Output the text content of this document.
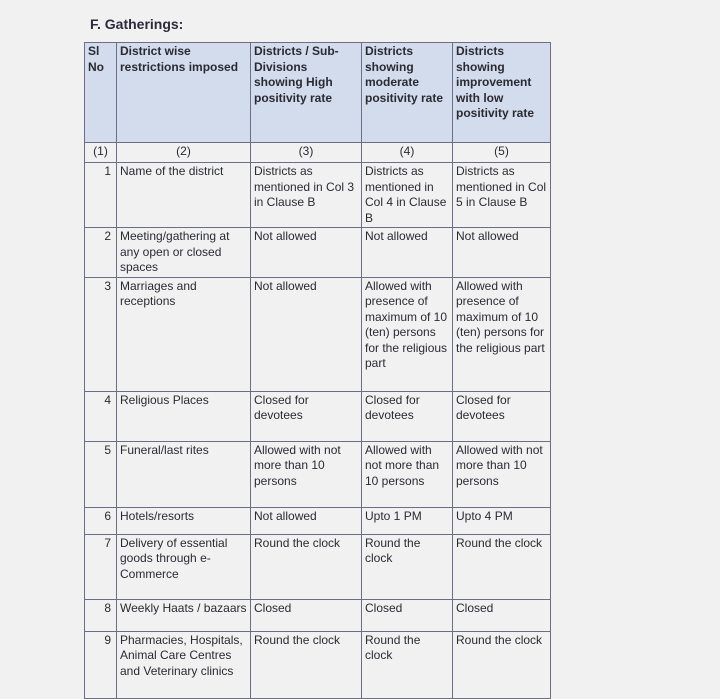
F. Gatherings:
Sl No	District wise restrictions imposed	Districts / Sub-Divisions showing High positivity rate	Districts showing moderate positivity rate	Districts showing improvement with low positivity rate
(1)	(2)	(3)	(4)	(5)
1	Name of the district	Districts as mentioned in Col 3 in Clause B	Districts as mentioned in Col 4 in Clause B	Districts as mentioned in Col 5 in Clause B
2	Meeting/gathering at any open or closed spaces	Not allowed	Not allowed	Not allowed
3	Marriages and receptions	Not allowed	Allowed with presence of maximum of 10 (ten) persons for the religious part	Allowed with presence of maximum of 10 (ten) persons for the religious part
4	Religious Places	Closed for devotees	Closed for devotees	Closed for devotees
5	Funeral/last rites	Allowed with not more than 10 persons	Allowed with not more than 10 persons	Allowed with not more than 10 persons
6	Hotels/resorts	Not allowed	Upto 1 PM	Upto 4 PM
7	Delivery of essential goods through e-Commerce	Round the clock	Round the clock	Round the clock
8	Weekly Haats / bazaars	Closed	Closed	Closed
9	Pharmacies, Hospitals, Animal Care Centres and Veterinary clinics	Round the clock	Round the clock	Round the clock
